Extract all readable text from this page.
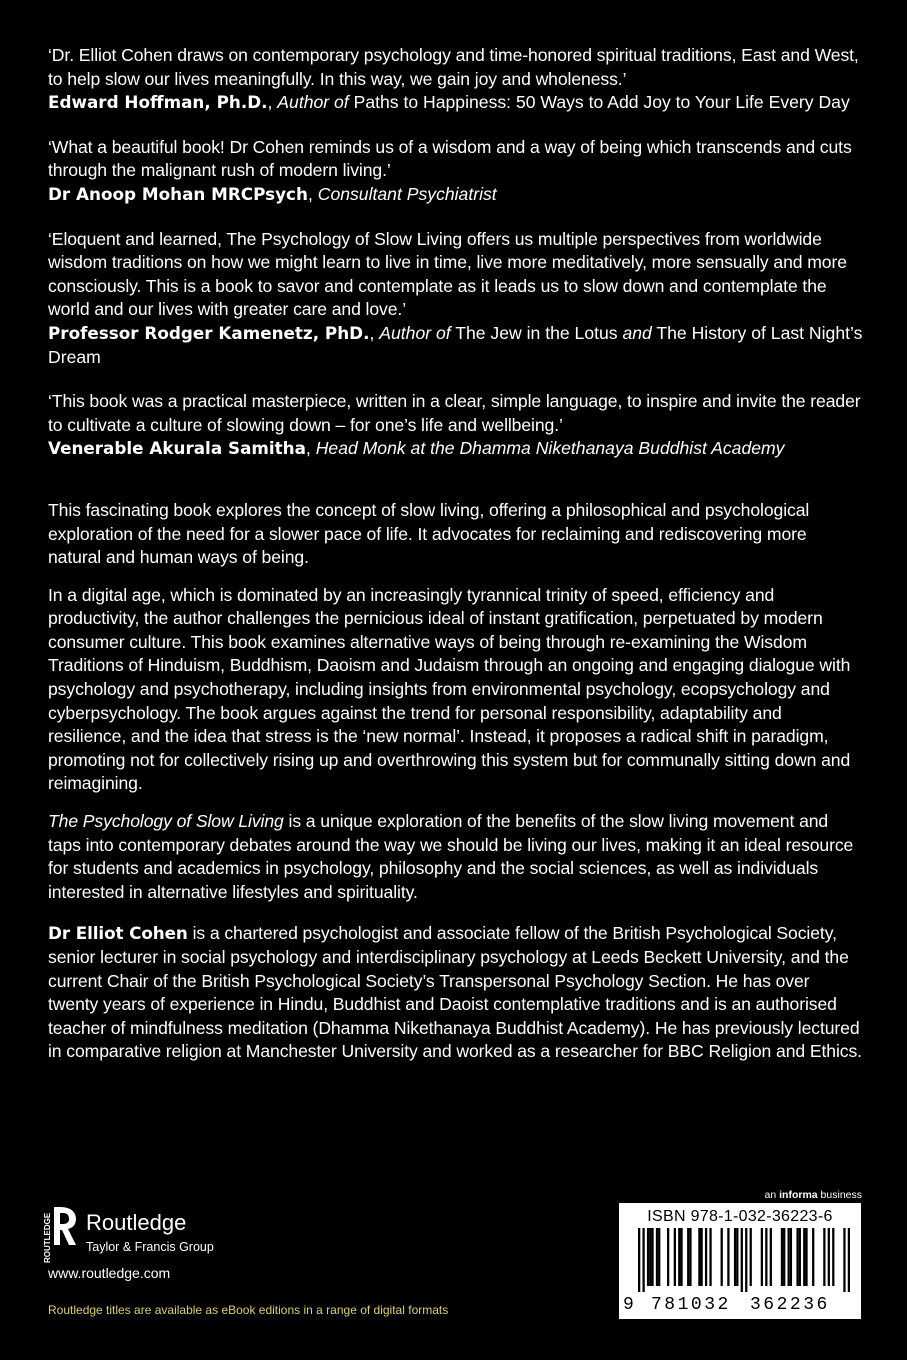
‘Dr. Elliot Cohen draws on contemporary psychology and time-honored spiritual traditions, East and West, to help slow our lives meaningfully. In this way, we gain joy and wholeness.’

Edward Hoffman, Ph.D., Author of Paths to Happiness: 50 Ways to Add Joy to Your Life Every Day

‘What a beautiful book! Dr Cohen reminds us of a wisdom and a way of being which transcends and cuts through the malignant rush of modern living.’

Dr Anoop Mohan MRCPsych, Consultant Psychiatrist

‘Eloquent and learned, The Psychology of Slow Living offers us multiple perspectives from worldwide wisdom traditions on how we might learn to live in time, live more meditatively, more sensually and more consciously. This is a book to savor and contemplate as it leads us to slow down and contemplate the world and our lives with greater care and love.’

Professor Rodger Kamenetz, PhD., Author of The Jew in the Lotus and The History of Last Night’s Dream

‘This book was a practical masterpiece, written in a clear, simple language, to inspire and invite the reader to cultivate a culture of slowing down – for one’s life and wellbeing.’

Venerable Akurala Samitha, Head Monk at the Dhamma Nikethanaya Buddhist Academy

This fascinating book explores the concept of slow living, offering a philosophical and psychological exploration of the need for a slower pace of life. It advocates for reclaiming and rediscovering more natural and human ways of being.

In a digital age, which is dominated by an increasingly tyrannical trinity of speed, efficiency and productivity, the author challenges the pernicious ideal of instant gratification, perpetuated by modern consumer culture. This book examines alternative ways of being through re-examining the Wisdom Traditions of Hinduism, Buddhism, Daoism and Judaism through an ongoing and engaging dialogue with psychology and psychotherapy, including insights from environmental psychology, ecopsychology and cyberpsychology. The book argues against the trend for personal responsibility, adaptability and resilience, and the idea that stress is the ‘new normal’. Instead, it proposes a radical shift in paradigm, promoting not for collectively rising up and overthrowing this system but for communally sitting down and reimagining.

The Psychology of Slow Living is a unique exploration of the benefits of the slow living movement and taps into contemporary debates around the way we should be living our lives, making it an ideal resource for students and academics in psychology, philosophy and the social sciences, as well as individuals interested in alternative lifestyles and spirituality.

Dr Elliot Cohen is a chartered psychologist and associate fellow of the British Psychological Society, senior lecturer in social psychology and interdisciplinary psychology at Leeds Beckett University, and the current Chair of the British Psychological Society’s Transpersonal Psychology Section. He has over twenty years of experience in Hindu, Buddhist and Daoist contemplative traditions and is an authorised teacher of mindfulness meditation (Dhamma Nikethanaya Buddhist Academy). He has previously lectured in comparative religion at Manchester University and worked as a researcher for BBC Religion and Ethics.

ROUTLEDGE Routledge
Taylor & Francis Group
www.routledge.com
Routledge titles are available as eBook editions in a range of digital formats
an informa business
ISBN 978-1-032-36223-6
9 781032 362236
